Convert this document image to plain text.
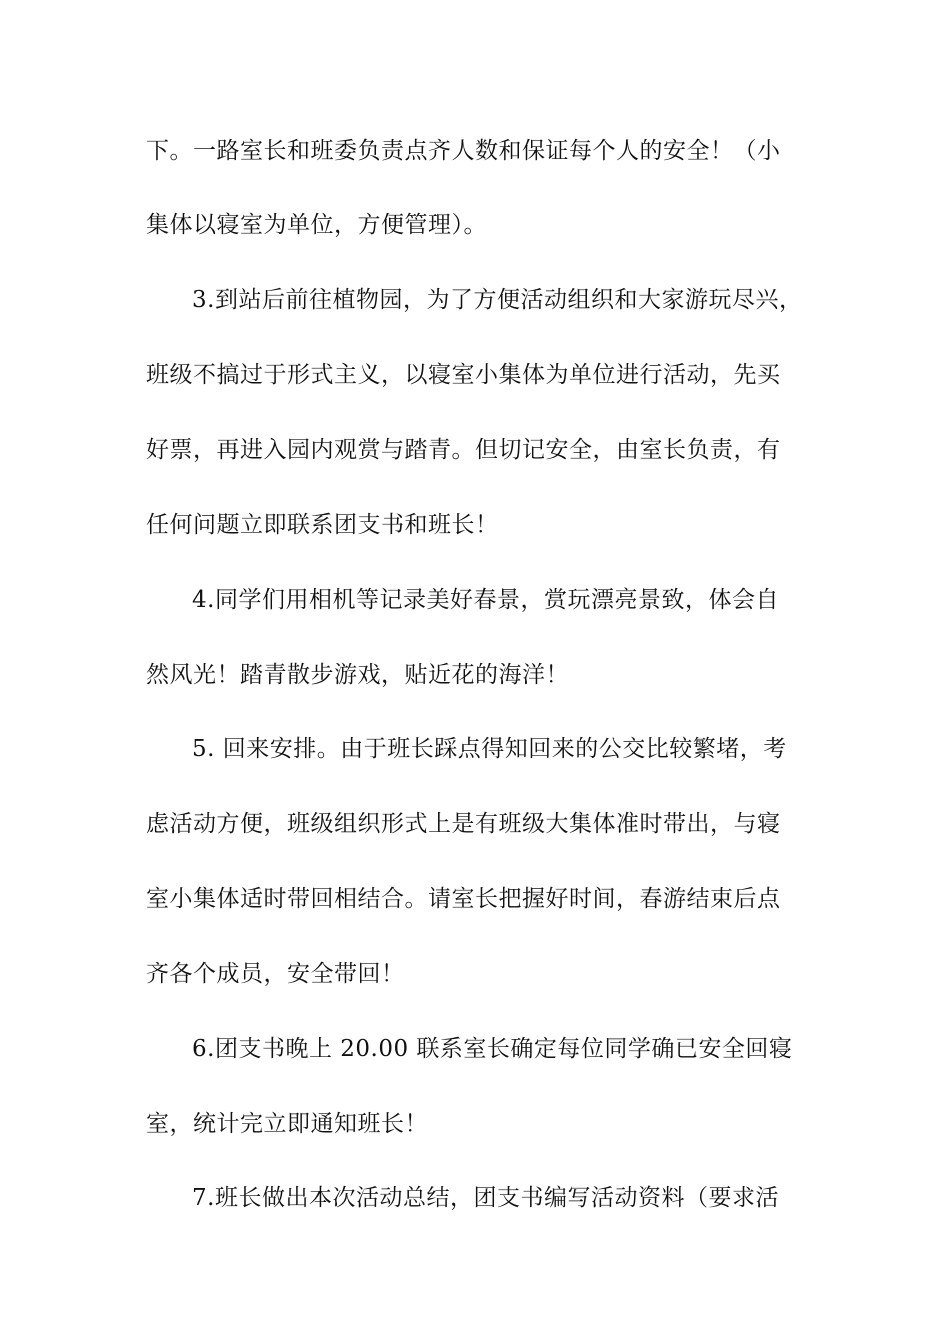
下。一路室长和班委负责点齐人数和保证每个人的安全！（小
集体以寝室为单位，方便管理）。
3.到站后前往植物园，为了方便活动组织和大家游玩尽兴，
班级不搞过于形式主义，以寝室小集体为单位进行活动，先买
好票，再进入园内观赏与踏青。但切记安全，由室长负责，有
任何问题立即联系团支书和班长！
4.同学们用相机等记录美好春景，赏玩漂亮景致，体会自
然风光！踏青散步游戏，贴近花的海洋！
5. 回来安排。由于班长踩点得知回来的公交比较繁堵，考
虑活动方便，班级组织形式上是有班级大集体准时带出，与寝
室小集体适时带回相结合。请室长把握好时间，春游结束后点
齐各个成员，安全带回！
6.团支书晚上 20.00 联系室长确定每位同学确已安全回寝
室，统计完立即通知班长！
7.班长做出本次活动总结，团支书编写活动资料（要求活
